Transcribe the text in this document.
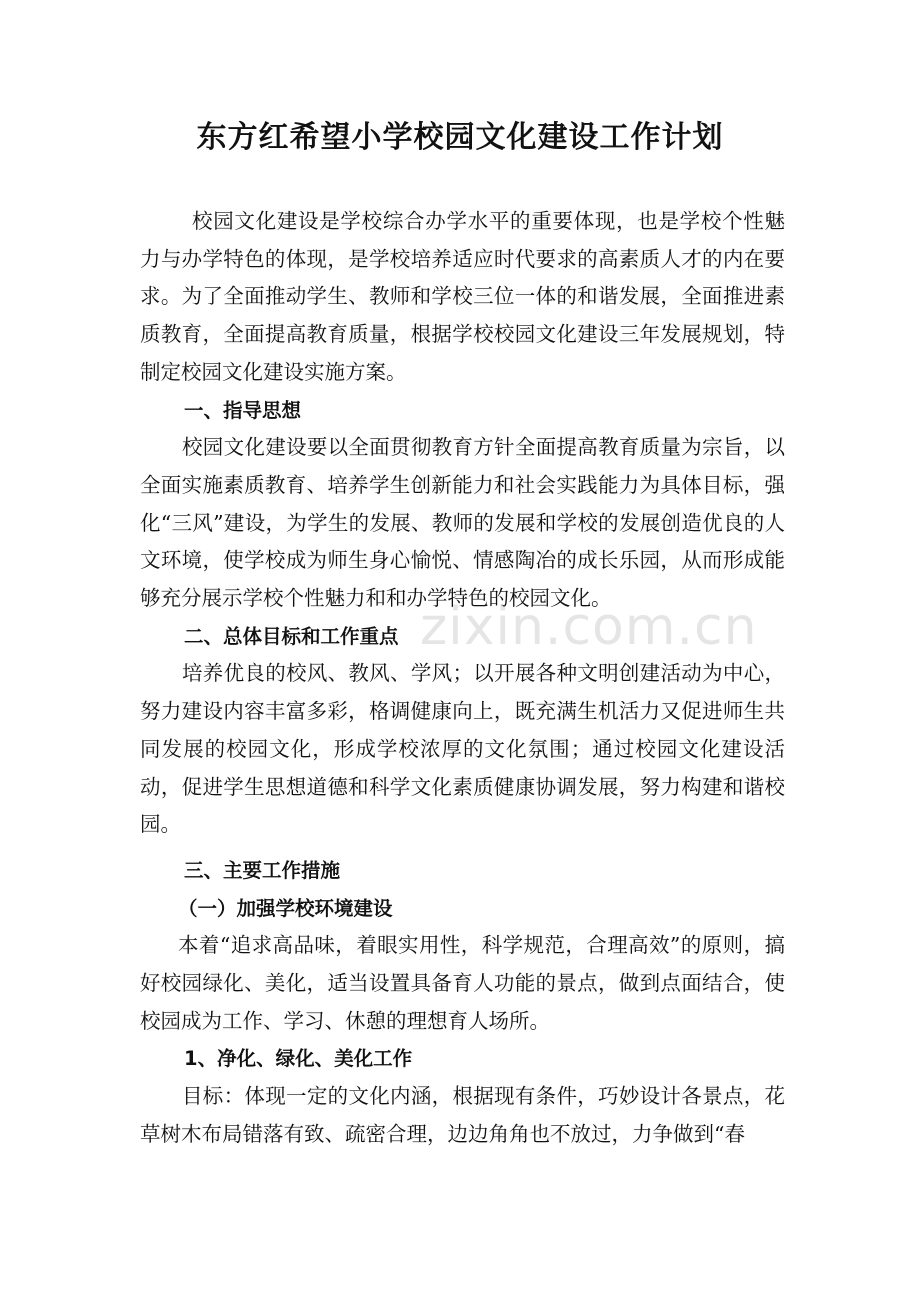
东方红希望小学校园文化建设工作计划

校园文化建设是学校综合办学水平的重要体现，也是学校个性魅力与办学特色的体现，是学校培养适应时代要求的高素质人才的内在要求。为了全面推动学生、教师和学校三位一体的和谐发展，全面推进素质教育，全面提高教育质量，根据学校校园文化建设三年发展规划，特制定校园文化建设实施方案。

一、指导思想

校园文化建设要以全面贯彻教育方针全面提高教育质量为宗旨，以全面实施素质教育、培养学生创新能力和社会实践能力为具体目标，强化“三风”建设，为学生的发展、教师的发展和学校的发展创造优良的人文环境，使学校成为师生身心愉悦、情感陶冶的成长乐园，从而形成能够充分展示学校个性魅力和和办学特色的校园文化。

二、总体目标和工作重点

培养优良的校风、教风、学风；以开展各种文明创建活动为中心，努力建设内容丰富多彩，格调健康向上，既充满生机活力又促进师生共同发展的校园文化，形成学校浓厚的文化氛围；通过校园文化建设活动，促进学生思想道德和科学文化素质健康协调发展，努力构建和谐校园。

三、主要工作措施

（一）加强学校环境建设

本着“追求高品味，着眼实用性，科学规范，合理高效”的原则，搞好校园绿化、美化，适当设置具备育人功能的景点，做到点面结合，使校园成为工作、学习、休憩的理想育人场所。

1、净化、绿化、美化工作

目标：体现一定的文化内涵，根据现有条件，巧妙设计各景点，花草树木布局错落有致、疏密合理，边边角角也不放过，力争做到“春

zixin.com.cn
